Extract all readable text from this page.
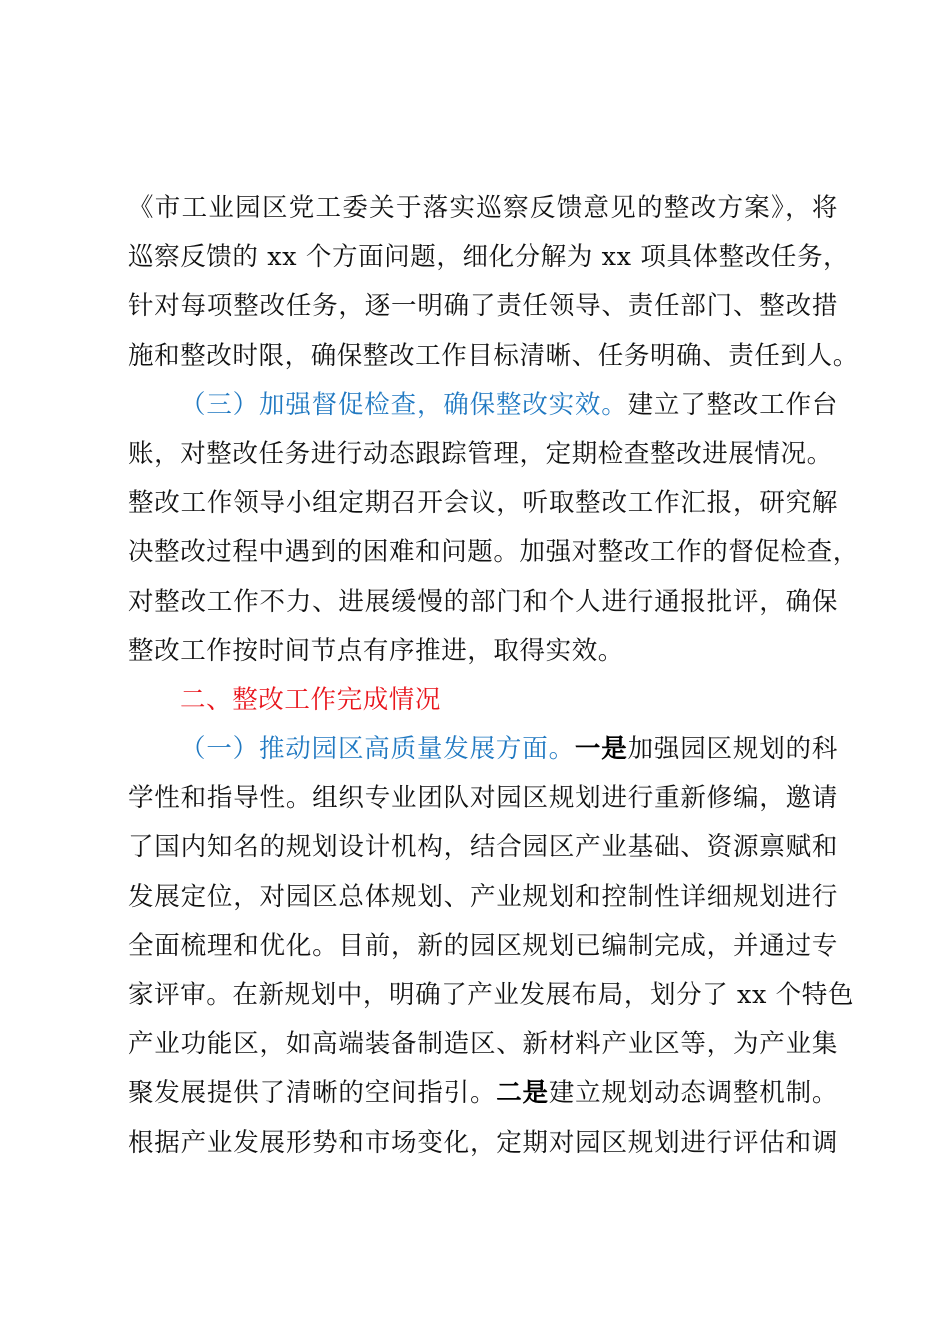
《市工业园区党工委关于落实巡察反馈意见的整改方案》，将
巡察反馈的 xx 个方面问题，细化分解为 xx 项具体整改任务，
针对每项整改任务，逐一明确了责任领导、责任部门、整改措
施和整改时限，确保整改工作目标清晰、任务明确、责任到人。
（三）加强督促检查，确保整改实效。建立了整改工作台
账，对整改任务进行动态跟踪管理，定期检查整改进展情况。
整改工作领导小组定期召开会议，听取整改工作汇报，研究解
决整改过程中遇到的困难和问题。加强对整改工作的督促检查，
对整改工作不力、进展缓慢的部门和个人进行通报批评，确保
整改工作按时间节点有序推进，取得实效。
二、整改工作完成情况
（一）推动园区高质量发展方面。一是加强园区规划的科
学性和指导性。组织专业团队对园区规划进行重新修编，邀请
了国内知名的规划设计机构，结合园区产业基础、资源禀赋和
发展定位，对园区总体规划、产业规划和控制性详细规划进行
全面梳理和优化。目前，新的园区规划已编制完成，并通过专
家评审。在新规划中，明确了产业发展布局，划分了 xx 个特色
产业功能区，如高端装备制造区、新材料产业区等，为产业集
聚发展提供了清晰的空间指引。二是建立规划动态调整机制。
根据产业发展形势和市场变化，定期对园区规划进行评估和调
